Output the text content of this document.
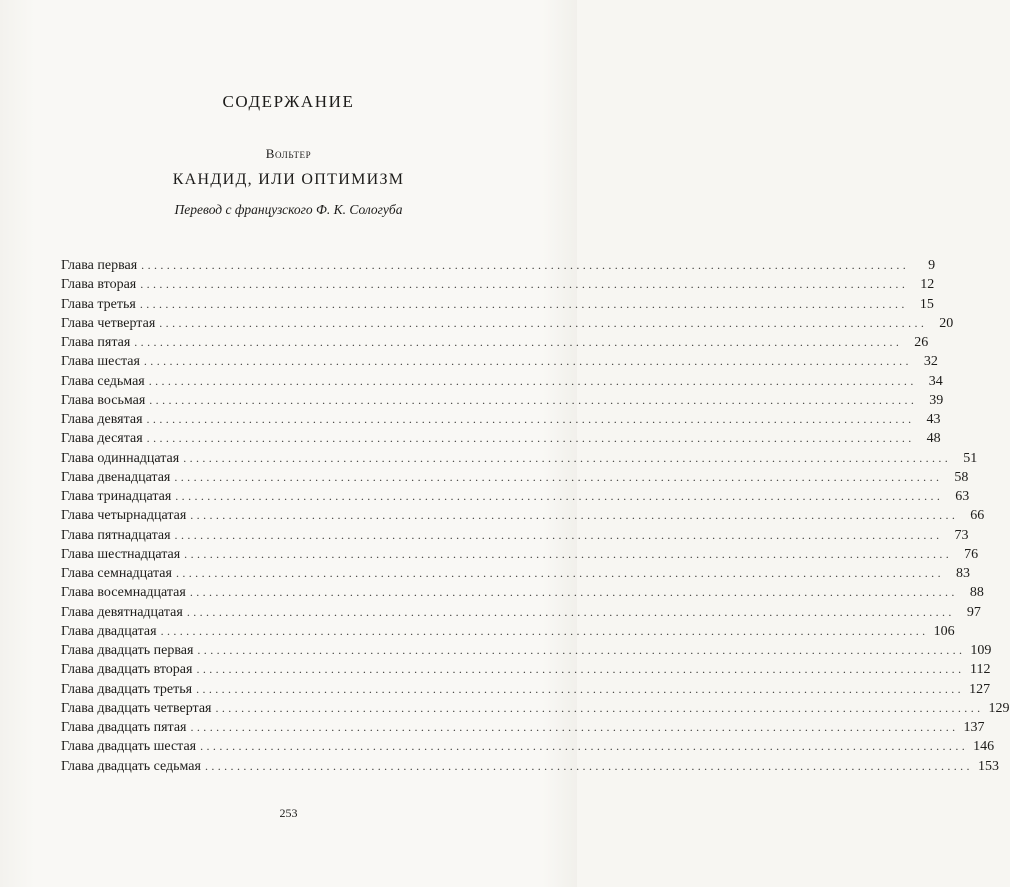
СОДЕРЖАНИЕ
Вольтер
КАНДИД, ИЛИ ОПТИМИЗМ
Перевод с французского Ф. К. Сологуба
Глава первая ........................................................................................................................	9
Глава вторая ........................................................................................................................ 12
Глава третья ........................................................................................................................ 15
Глава четвертая ........................................................................................................................ 20
Глава пятая ........................................................................................................................ 26
Глава шестая ........................................................................................................................ 32
Глава седьмая ........................................................................................................................ 34
Глава восьмая ........................................................................................................................ 39
Глава девятая ........................................................................................................................ 43
Глава десятая ........................................................................................................................ 48
Глава одиннадцатая ........................................................................................................................ 51
Глава двенадцатая ........................................................................................................................ 58
Глава тринадцатая ........................................................................................................................ 63
Глава четырнадцатая ........................................................................................................................ 66
Глава пятнадцатая ........................................................................................................................ 73
Глава шестнадцатая ........................................................................................................................ 76
Глава семнадцатая ........................................................................................................................ 83
Глава восемнадцатая ........................................................................................................................ 88
Глава девятнадцатая ........................................................................................................................ 97
Глава двадцатая ........................................................................................................................ 106
Глава двадцать первая ........................................................................................................................ 109
Глава двадцать вторая ........................................................................................................................ 112
Глава двадцать третья ........................................................................................................................ 127
Глава двадцать четвертая ........................................................................................................................ 129
Глава двадцать пятая ........................................................................................................................ 137
Глава двадцать шестая ........................................................................................................................ 146
Глава двадцать седьмая ........................................................................................................................ 153
253
